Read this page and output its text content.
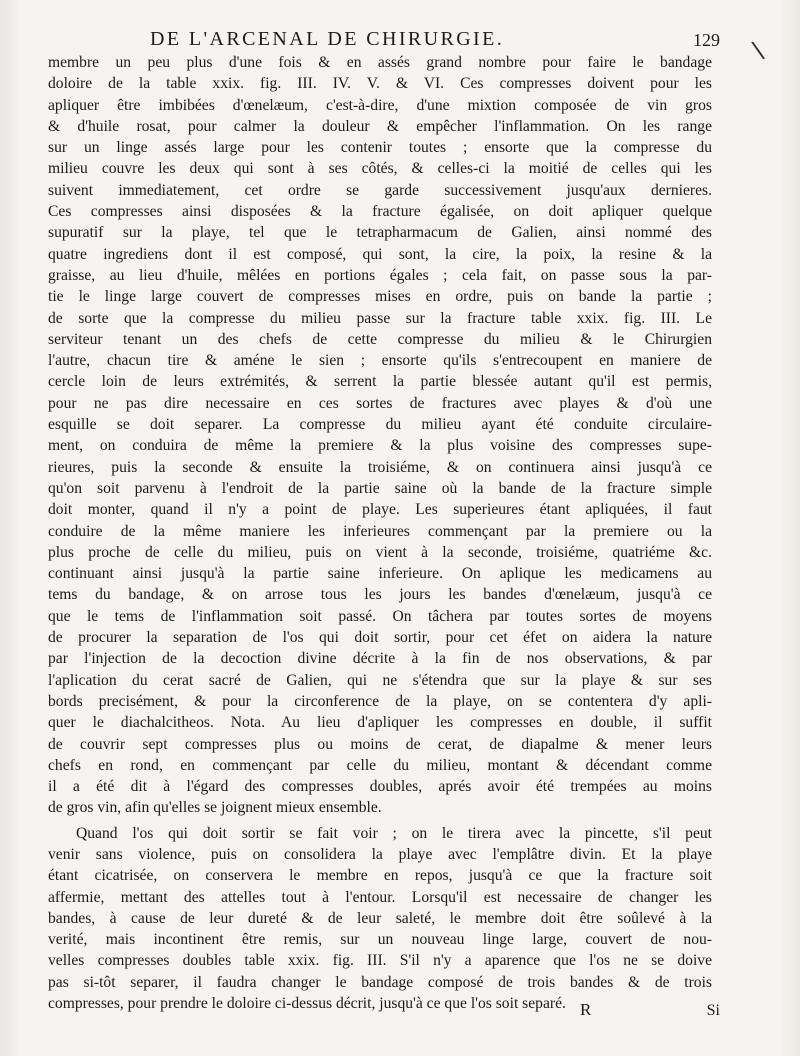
DE L'ARCENAL DE CHIRURGIE.	129 \
membre un peu plus d'une fois & en assés grand nombre pour faire le bandage
doloire de la table xxix. fig. III. IV. V. & VI. Ces compresses doivent pour les
apliquer être imbibées d'œnelæum, c'est-à-dire, d'une mixtion composée de vin gros
& d'huile rosat, pour calmer la douleur & empêcher l'inflammation. On les range
sur un linge assés large pour les contenir toutes ; ensorte que la compresse du
milieu couvre les deux qui sont à ses côtés, & celles-ci la moitié de celles qui les
suivent immediatement, cet ordre se garde successivement jusqu'aux dernieres.
Ces compresses ainsi disposées & la fracture égalisée, on doit apliquer quelque
supuratif sur la playe, tel que le tetrapharmacum de Galien, ainsi nommé des
quatre ingrediens dont il est composé, qui sont, la cire, la poix, la resine & la
graisse, au lieu d'huile, mêlées en portions égales ; cela fait, on passe sous la par-
tie le linge large couvert de compresses mises en ordre, puis on bande la partie ;
de sorte que la compresse du milieu passe sur la fracture table xxix. fig. III. Le
serviteur tenant un des chefs de cette compresse du milieu & le Chirurgien
l'autre, chacun tire & améne le sien ; ensorte qu'ils s'entrecoupent en maniere de
cercle loin de leurs extrémités, & serrent la partie blessée autant qu'il est permis,
pour ne pas dire necessaire en ces sortes de fractures avec playes & d'où une
esquille se doit separer. La compresse du milieu ayant été conduite circulaire-
ment, on conduira de même la premiere & la plus voisine des compresses supe-
rieures, puis la seconde & ensuite la troisiéme, & on continuera ainsi jusqu'à ce
qu'on soit parvenu à l'endroit de la partie saine où la bande de la fracture simple
doit monter, quand il n'y a point de playe. Les superieures étant apliquées, il faut
conduire de la même maniere les inferieures commençant par la premiere ou la
plus proche de celle du milieu, puis on vient à la seconde, troisiéme, quatriéme &c.
continuant ainsi jusqu'à la partie saine inferieure. On aplique les medicamens au
tems du bandage, & on arrose tous les jours les bandes d'œnelæum, jusqu'à ce
que le tems de l'inflammation soit passé. On tâchera par toutes sortes de moyens
de procurer la separation de l'os qui doit sortir, pour cet éfet on aidera la nature
par l'injection de la decoction divine décrite à la fin de nos observations, & par
l'aplication du cerat sacré de Galien, qui ne s'étendra que sur la playe & sur ses
bords precisément, & pour la circonference de la playe, on se contentera d'y apli-
quer le diachalcitheos. Nota. Au lieu d'apliquer les compresses en double, il suffit
de couvrir sept compresses plus ou moins de cerat, de diapalme & mener leurs
chefs en rond, en commençant par celle du milieu, montant & décendant comme
il a été dit à l'égard des compresses doubles, aprés avoir été trempées au moins
de gros vin, afin qu'elles se joignent mieux ensemble.
Quand l'os qui doit sortir se fait voir ; on le tirera avec la pincette, s'il peut
venir sans violence, puis on consolidera la playe avec l'emplâtre divin. Et la playe
étant cicatrisée, on conservera le membre en repos, jusqu'à ce que la fracture soit
affermie, mettant des attelles tout à l'entour. Lorsqu'il est necessaire de changer les
bandes, à cause de leur dureté & de leur saleté, le membre doit être soûlevé à la
verité, mais incontinent être remis, sur un nouveau linge large, couvert de nou-
velles compresses doubles table xxix. fig. III. S'il n'y a aparence que l'os ne se doive
pas si-tôt separer, il faudra changer le bandage composé de trois bandes & de trois
compresses, pour prendre le doloire ci-dessus décrit, jusqu'à ce que l'os soit separé. R	Si
